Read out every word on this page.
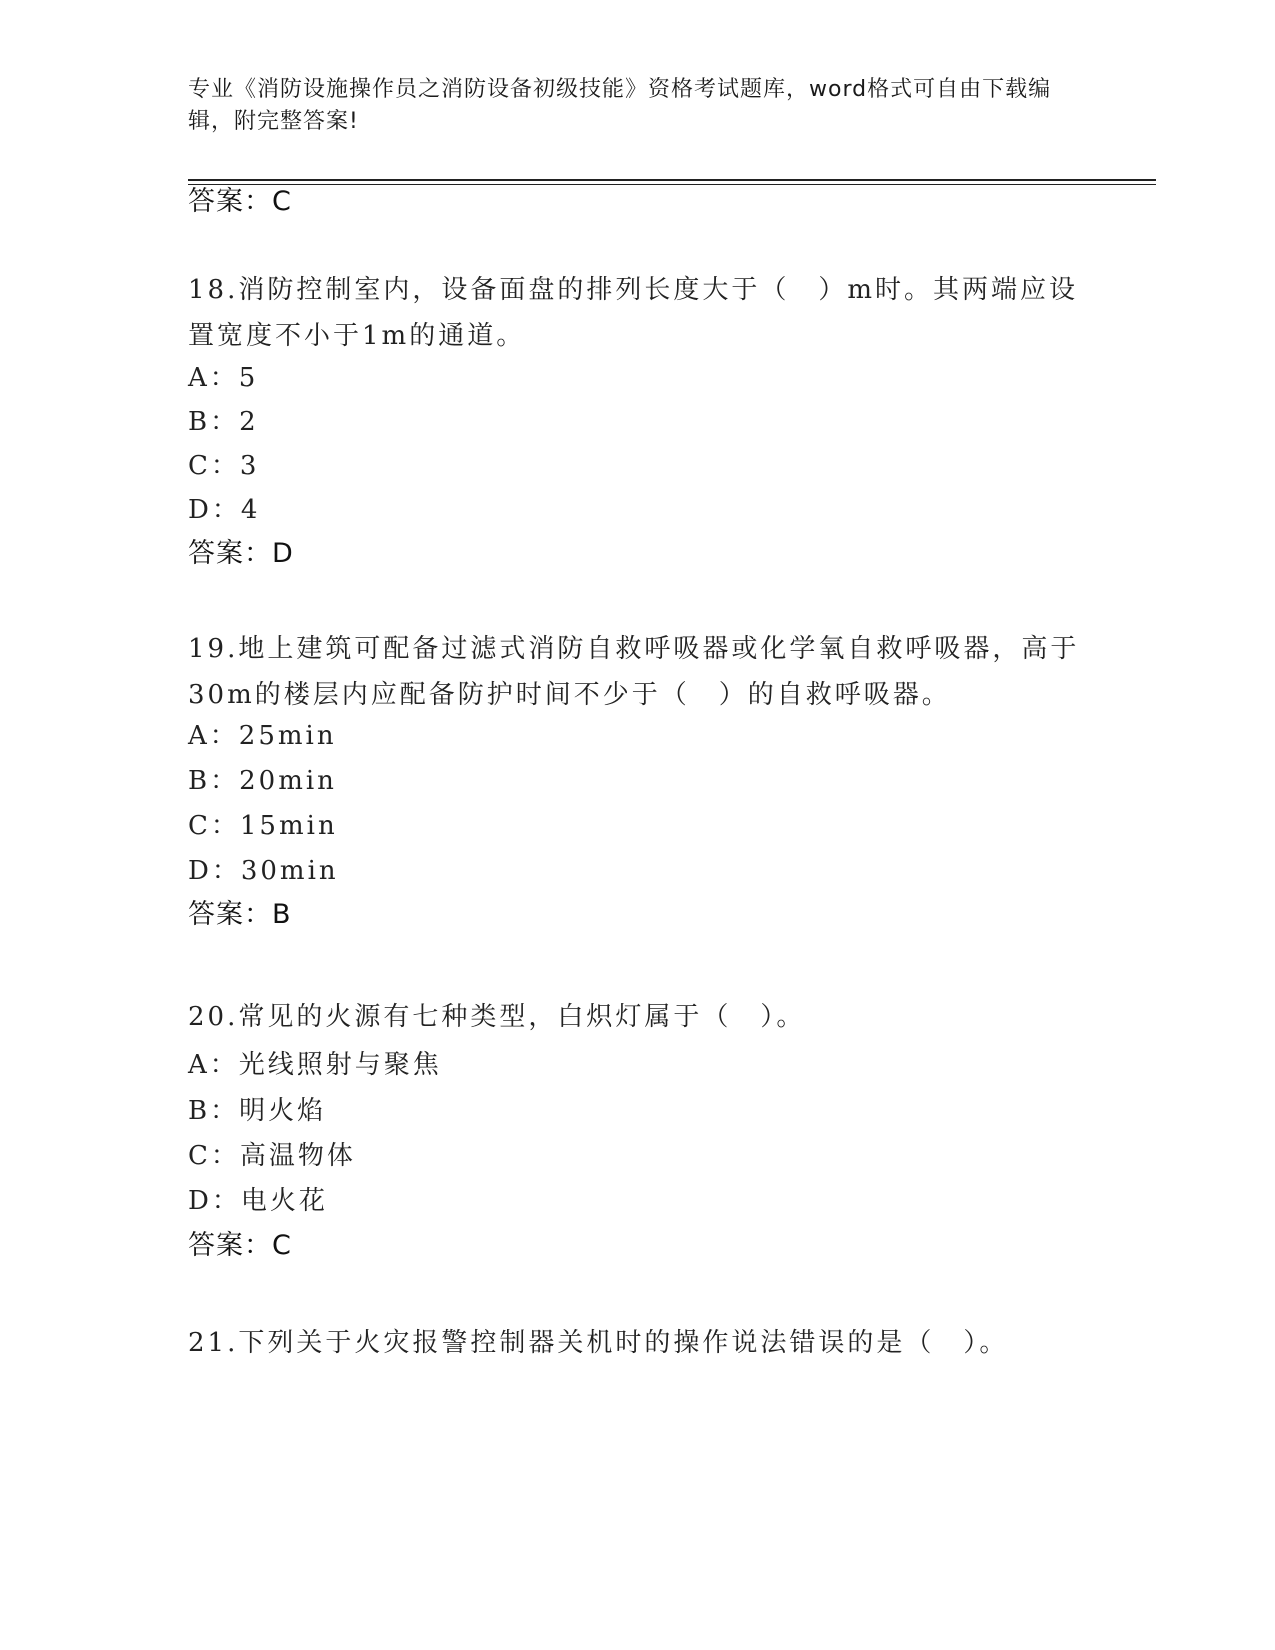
专业《消防设施操作员之消防设备初级技能》资格考试题库，word格式可自由下载编辑，附完整答案!
答案：C
18.消防控制室内，设备面盘的排列长度大于（　）m时。其两端应设置宽度不小于1m的通道。
A：5
B：2
C：3
D：4
答案：D
19.地上建筑可配备过滤式消防自救呼吸器或化学氧自救呼吸器，高于30m的楼层内应配备防护时间不少于（　）的自救呼吸器。
A：25min
B：20min
C：15min
D：30min
答案：B
20.常见的火源有七种类型，白炽灯属于（　）。
A：光线照射与聚焦
B：明火焰
C：高温物体
D：电火花
答案：C
21.下列关于火灾报警控制器关机时的操作说法错误的是（　）。
